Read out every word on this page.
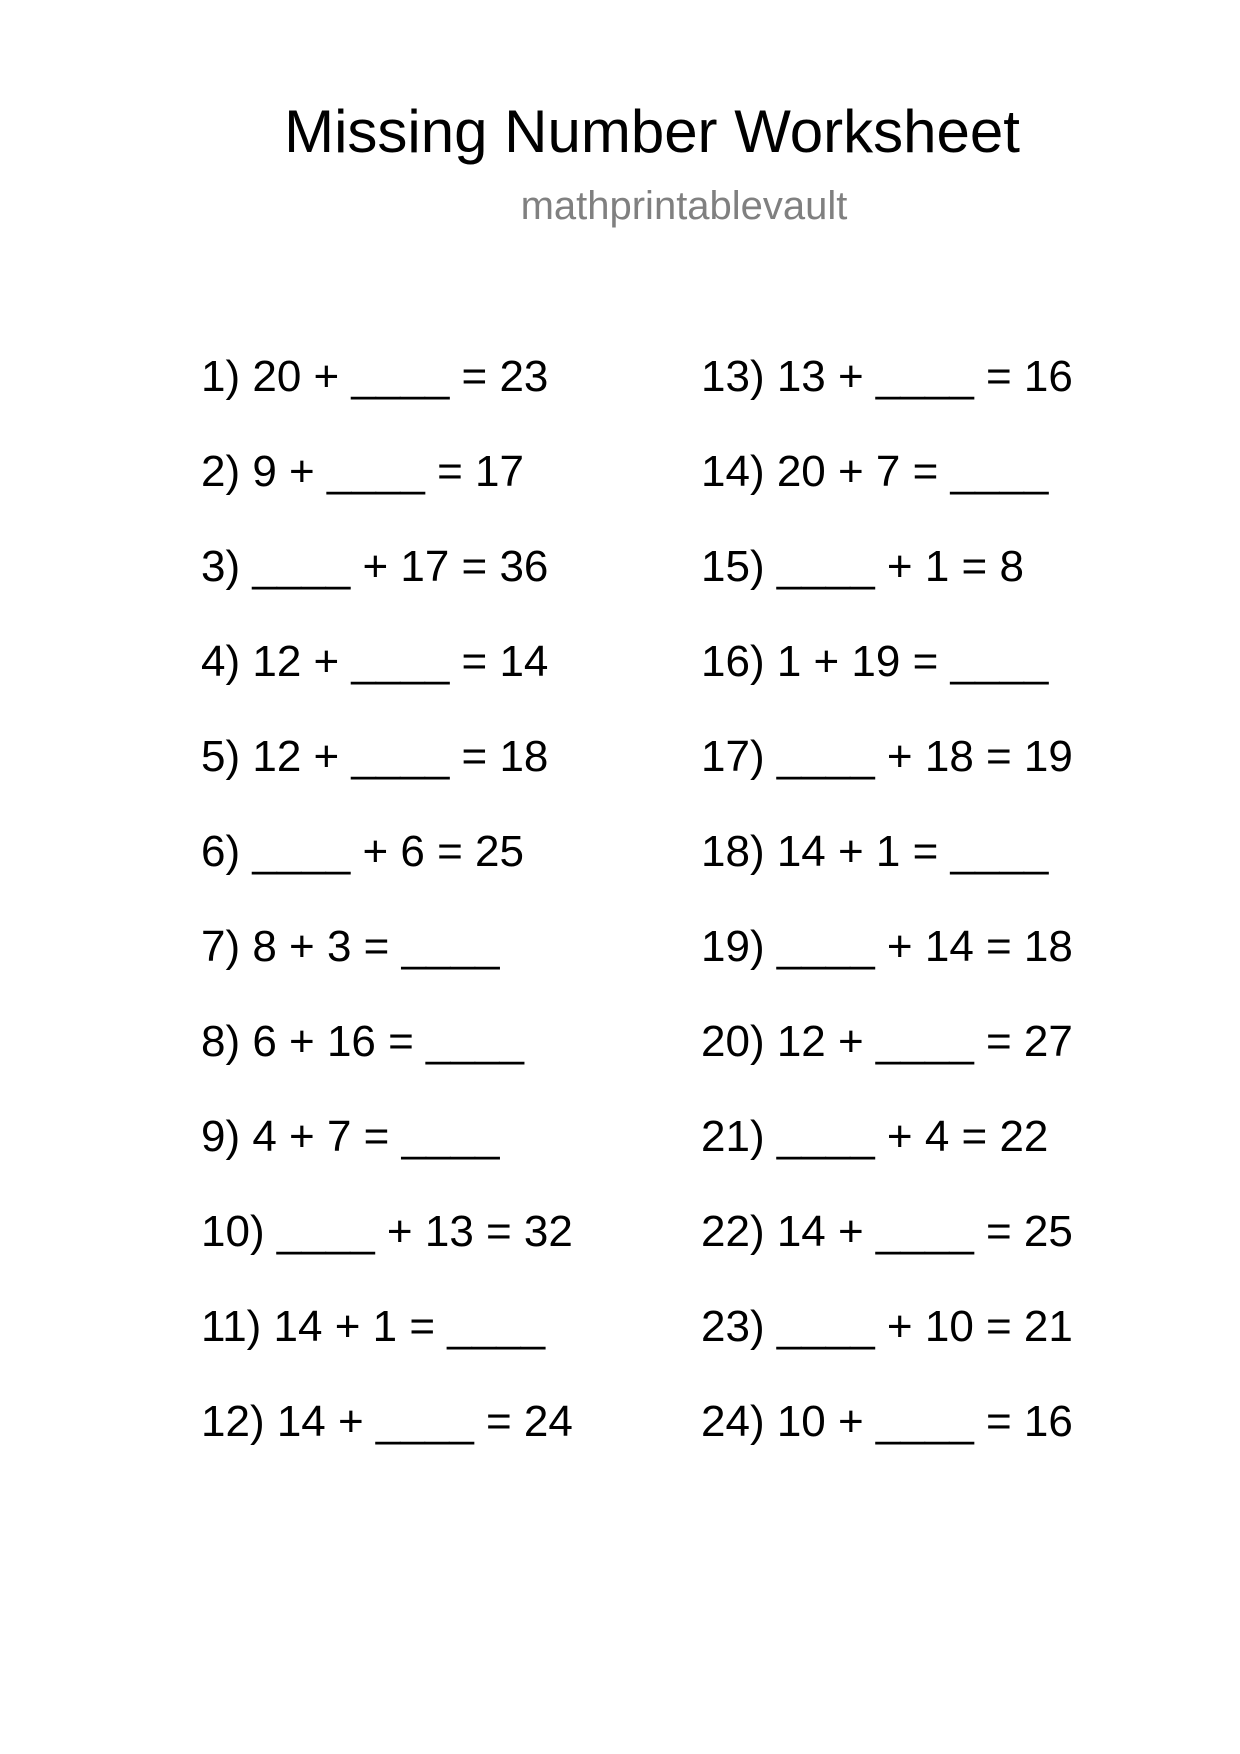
Missing Number Worksheet
mathprintablevault
1) 20 + ____ = 23
2) 9 + ____ = 17
3) ____ + 17 = 36
4) 12 + ____ = 14
5) 12 + ____ = 18
6) ____ + 6 = 25
7) 8 + 3 = ____
8) 6 + 16 = ____
9) 4 + 7 = ____
10) ____ + 13 = 32
11) 14 + 1 = ____
12) 14 + ____ = 24
13) 13 + ____ = 16
14) 20 + 7 = ____
15) ____ + 1 = 8
16) 1 + 19 = ____
17) ____ + 18 = 19
18) 14 + 1 = ____
19) ____ + 14 = 18
20) 12 + ____ = 27
21) ____ + 4 = 22
22) 14 + ____ = 25
23) ____ + 10 = 21
24) 10 + ____ = 16
